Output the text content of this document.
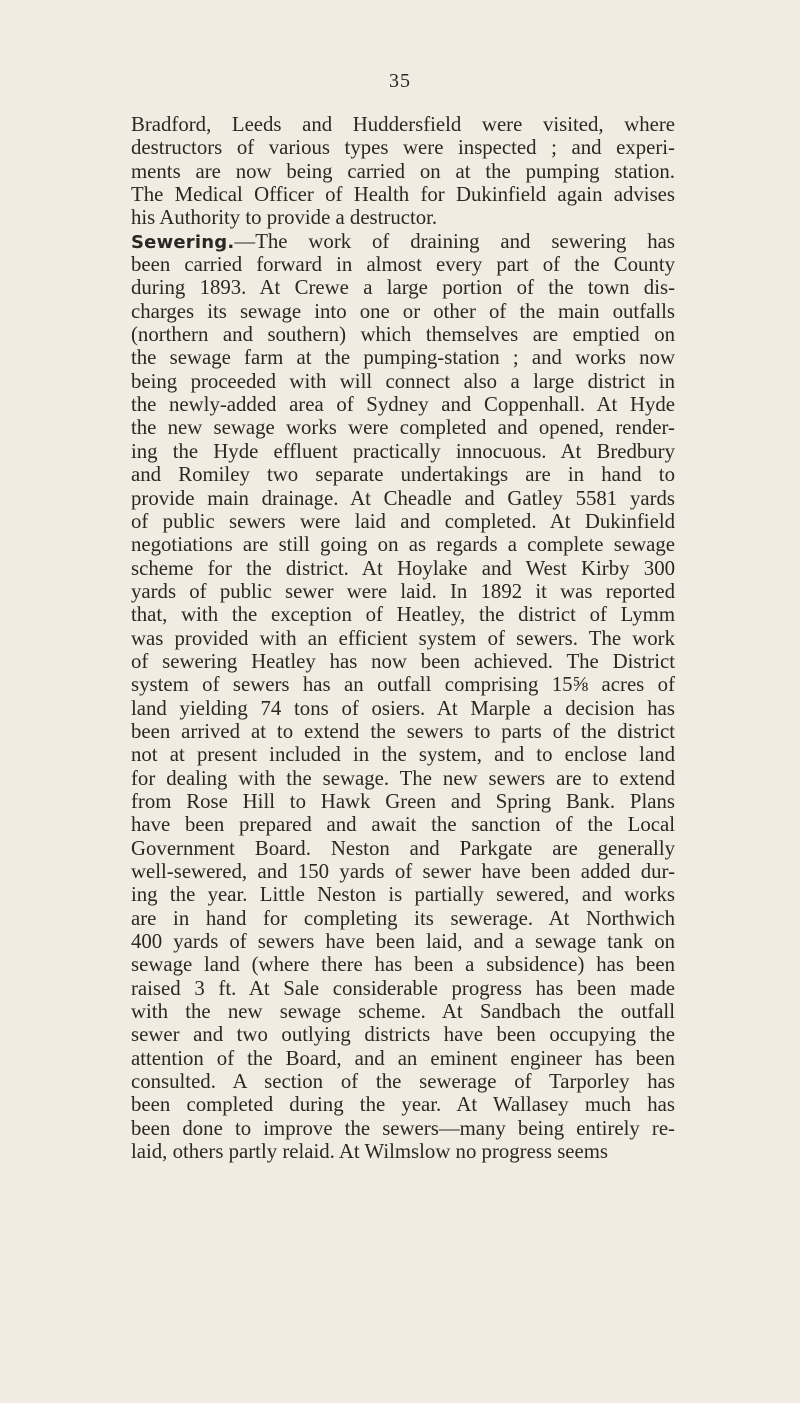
35
Bradford, Leeds and Huddersfield were visited, where
destructors of various types were inspected ; and experi-
ments are now being carried on at the pumping station.
The Medical Officer of Health for Dukinfield again advises
his Authority to provide a destructor.
Sewering.—The work of draining and sewering has
been carried forward in almost every part of the County
during 1893. At Crewe a large portion of the town dis-
charges its sewage into one or other of the main outfalls
(northern and southern) which themselves are emptied on
the sewage farm at the pumping-station ; and works now
being proceeded with will connect also a large district in
the newly-added area of Sydney and Coppenhall. At Hyde
the new sewage works were completed and opened, render-
ing the Hyde effluent practically innocuous. At Bredbury
and Romiley two separate undertakings are in hand to
provide main drainage. At Cheadle and Gatley 5581 yards
of public sewers were laid and completed. At Dukinfield
negotiations are still going on as regards a complete sewage
scheme for the district. At Hoylake and West Kirby 300
yards of public sewer were laid. In 1892 it was reported
that, with the exception of Heatley, the district of Lymm
was provided with an efficient system of sewers. The work
of sewering Heatley has now been achieved. The District
system of sewers has an outfall comprising 15⅝ acres of
land yielding 74 tons of osiers. At Marple a decision has
been arrived at to extend the sewers to parts of the district
not at present included in the system, and to enclose land
for dealing with the sewage. The new sewers are to extend
from Rose Hill to Hawk Green and Spring Bank. Plans
have been prepared and await the sanction of the Local
Government Board. Neston and Parkgate are generally
well-sewered, and 150 yards of sewer have been added dur-
ing the year. Little Neston is partially sewered, and works
are in hand for completing its sewerage. At Northwich
400 yards of sewers have been laid, and a sewage tank on
sewage land (where there has been a subsidence) has been
raised 3 ft. At Sale considerable progress has been made
with the new sewage scheme. At Sandbach the outfall
sewer and two outlying districts have been occupying the
attention of the Board, and an eminent engineer has been
consulted. A section of the sewerage of Tarporley has
been completed during the year. At Wallasey much has
been done to improve the sewers—many being entirely re-
laid, others partly relaid. At Wilmslow no progress seems
